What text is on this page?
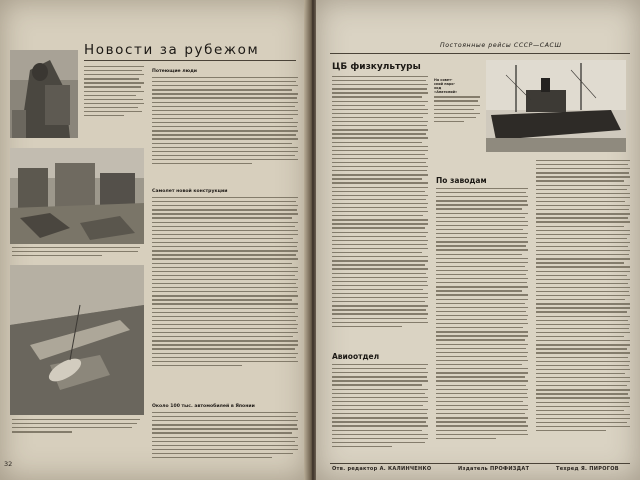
Новости за рубежом
Потеющие люди
Самолет новой конструкции
Около 100 тыс. автомобилей в Японии
32
Постоянные рейсы СССР—САСШ
На совет-
ский паро-
ход
«Анатолий»
ЦБ физкультуры
Авиоотдел
По заводам
Отв. редактор А. КАЛИНЧЕНКО	Издатель ПРОФИЗДАТ	Техред Я. ПИРОГОВ
